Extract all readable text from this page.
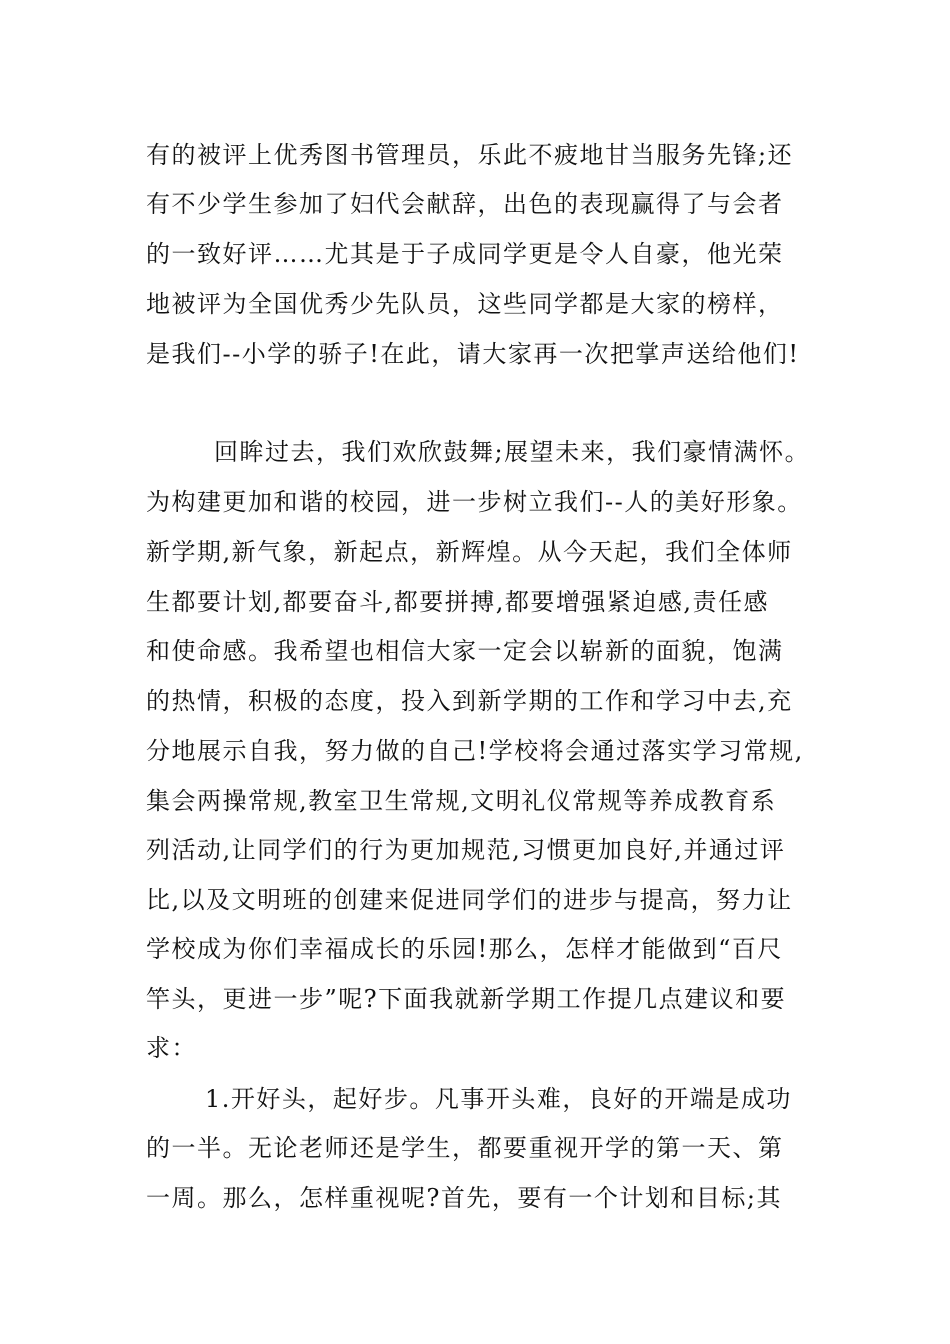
有的被评上优秀图书管理员，乐此不疲地甘当服务先锋;还
有不少学生参加了妇代会献辞，出色的表现赢得了与会者
的一致好评……尤其是于子成同学更是令人自豪，他光荣
地被评为全国优秀少先队员，这些同学都是大家的榜样，
是我们--小学的骄子!在此，请大家再一次把掌声送给他们!
回眸过去，我们欢欣鼓舞;展望未来，我们豪情满怀。
为构建更加和谐的校园，进一步树立我们--人的美好形象。
新学期,新气象，新起点，新辉煌。从今天起，我们全体师
生都要计划,都要奋斗,都要拼搏,都要增强紧迫感,责任感
和使命感。我希望也相信大家一定会以崭新的面貌，饱满
的热情，积极的态度，投入到新学期的工作和学习中去,充
分地展示自我，努力做的自己!学校将会通过落实学习常规,
集会两操常规,教室卫生常规,文明礼仪常规等养成教育系
列活动,让同学们的行为更加规范,习惯更加良好,并通过评
比,以及文明班的创建来促进同学们的进步与提高，努力让
学校成为你们幸福成长的乐园!那么，怎样才能做到“百尺
竿头，更进一步”呢?下面我就新学期工作提几点建议和要
求：
1.开好头，起好步。凡事开头难，良好的开端是成功
的一半。无论老师还是学生，都要重视开学的第一天、第
一周。那么，怎样重视呢?首先，要有一个计划和目标;其
